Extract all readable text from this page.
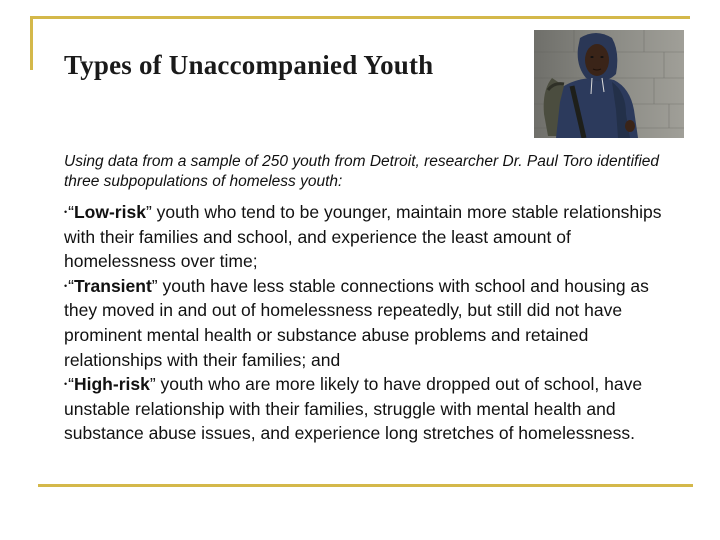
Types of Unaccompanied Youth
Using data from a sample of 250 youth from Detroit, researcher Dr. Paul Toro identified three subpopulations of homeless youth:

•“Low-risk” youth who tend to be younger, maintain more stable relationships with their families and school, and experience the least amount of homelessness over time;

•“Transient” youth have less stable connections with school and housing as they moved in and out of homelessness repeatedly, but still did not have prominent mental health or substance abuse problems and retained relationships with their families; and

•“High-risk” youth who are more likely to have dropped out of school, have unstable relationship with their families, struggle with mental health and substance abuse issues, and experience long stretches of homelessness.
